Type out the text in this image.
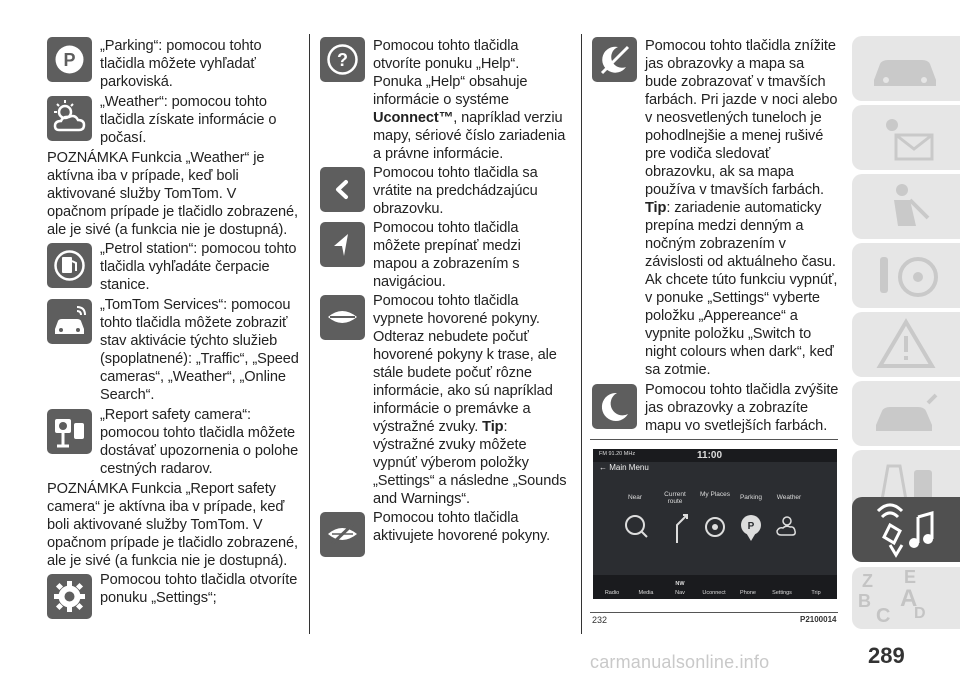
P
„Parking“: pomocou tohto tlačidla môžete vyhľadať parkoviská.
„Weather“: pomocou tohto tlačidla získate informácie o počasí.
POZNÁMKA Funkcia „Weather“ je aktívna iba v prípade, keď boli aktivované služby TomTom. V opačnom prípade je tlačidlo zobrazené, ale je sivé (a funkcia nie je dostupná).
„Petrol station“: pomocou tohto tlačidla vyhľadáte čerpacie stanice.
„TomTom Services“: pomocou tohto tlačidla môžete zobraziť stav aktivácie týchto služieb (spoplatnené): „Traffic“, „Speed cameras“, „Weather“, „Online Search“.
„Report safety camera“: pomocou tohto tlačidla môžete dostávať upozornenia o polohe cestných radarov.
POZNÁMKA Funkcia „Report safety camera“ je aktívna iba v prípade, keď boli aktivované služby TomTom. V opačnom prípade je tlačidlo zobrazené, ale je sivé (a funkcia nie je dostupná).
Pomocou tohto tlačidla otvoríte ponuku „Settings“;
?
Pomocou tohto tlačidla otvoríte ponuku „Help“. Ponuka „Help“ obsahuje informácie o systéme Uconnect™, napríklad verziu mapy, sériové číslo zariadenia a právne informácie.
Pomocou tohto tlačidla sa vrátite na predchádzajúcu obrazovku.
Pomocou tohto tlačidla môžete prepínať medzi mapou a zobrazením s navigáciou.
Pomocou tohto tlačidla vypnete hovorené pokyny. Odteraz nebudete počuť hovorené pokyny k trase, ale stále budete počuť rôzne informácie, ako sú napríklad informácie o premávke a výstražné zvuky. Tip: výstražné zvuky môžete vypnúť výberom položky „Settings“ a následne „Sounds and Warnings“.
Pomocou tohto tlačidla aktivujete hovorené pokyny.
Pomocou tohto tlačidla znížite jas obrazovky a mapa sa bude zobrazovať v tmavších farbách. Pri jazde v noci alebo v neosvetlených tuneloch je pohodlnejšie a menej rušivé pre vodiča sledovať obrazovku, ak sa mapa používa v tmavších farbách. Tip: zariadenie automaticky prepína medzi denným a nočným zobrazením v závislosti od aktuálneho času. Ak chcete túto funkciu vypnúť, v ponuke „Settings“ vyberte položku „Appereance“ a vypnite položku „Switch to night colours when dark“, keď sa zotmie.
Pomocou tohto tlačidla zvýšite jas obrazovky a zobrazíte mapu vo svetlejších farbách.
FM 91.20 MHz	11:00
← Main Menu
P
Near	Current route
My Places	Parking	Weather
Radio	Media	Nav
NW
Uconnect	Phone	Settings	Trip
232	P2100014
Z E
B A
C D
289
carmanualsonline.info
